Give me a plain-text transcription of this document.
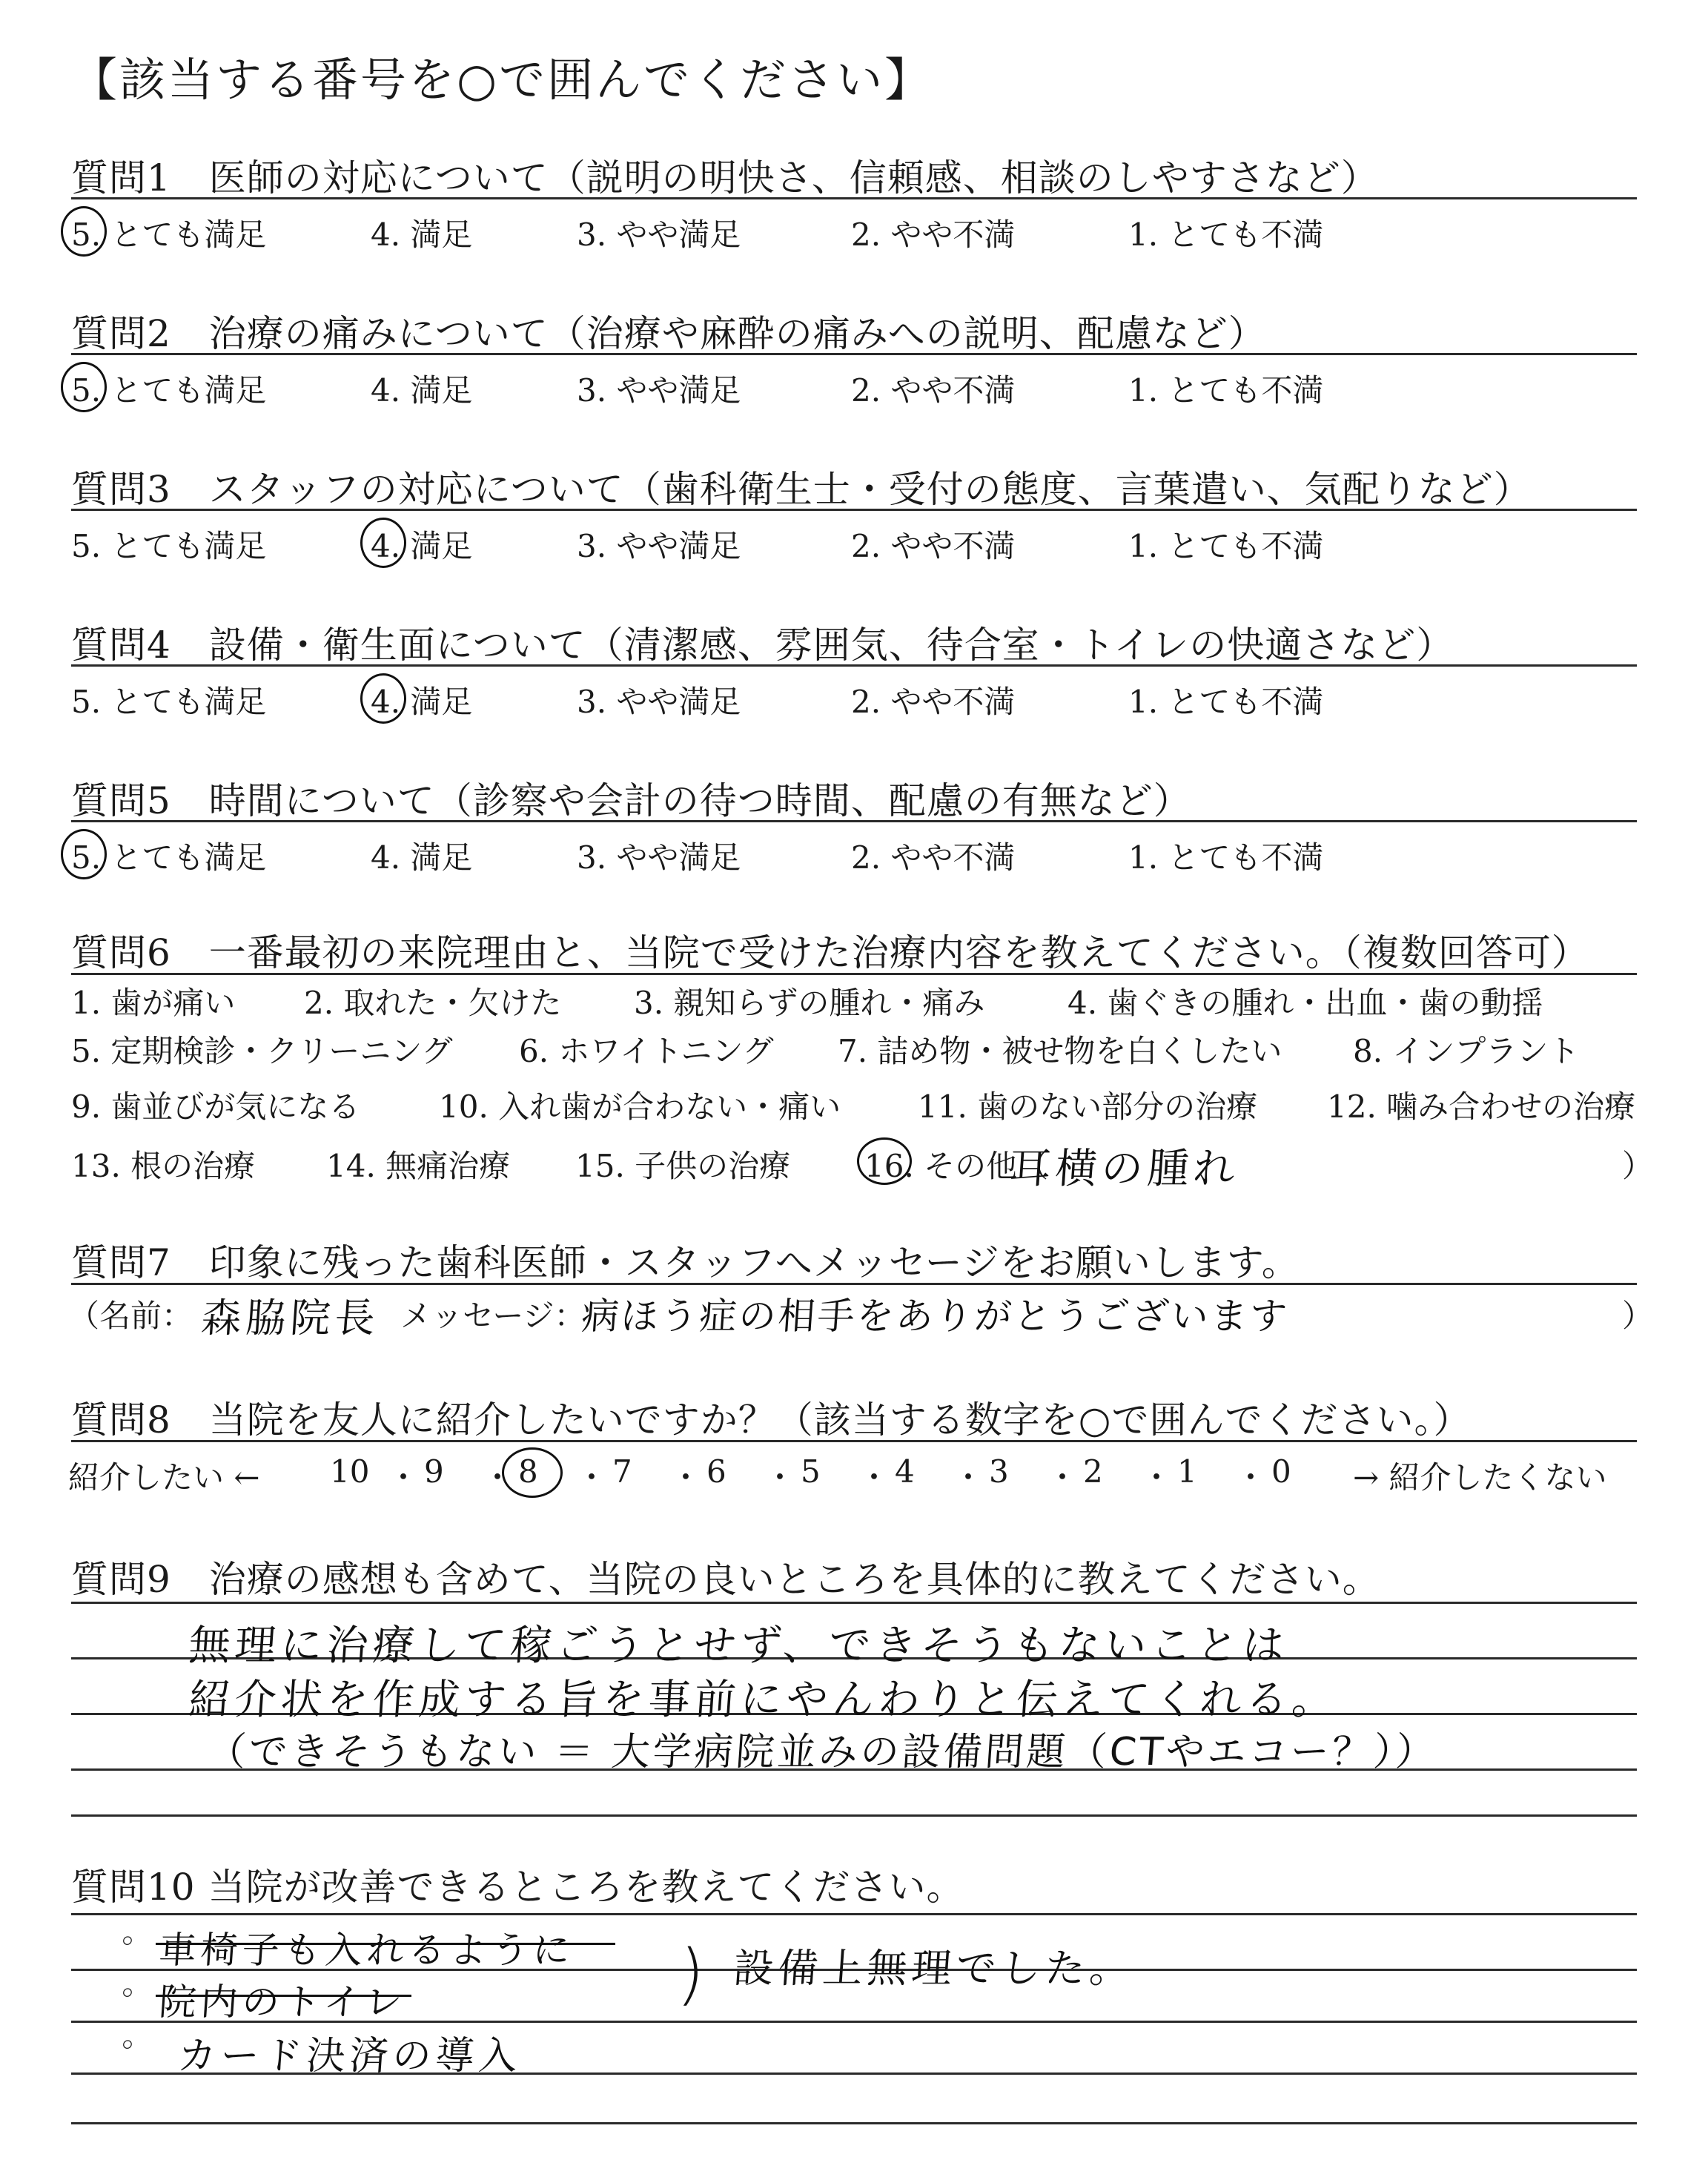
【該当する番号を○で囲んでください】
質問1　医師の対応について（説明の明快さ、信頼感、相談のしやすさなど）
5. とても満足	4. 満足	3. やや満足	2. やや不満	1. とても不満
質問2　治療の痛みについて（治療や麻酔の痛みへの説明、配慮など）
5. とても満足	4. 満足	3. やや満足	2. やや不満	1. とても不満
質問3　スタッフの対応について（歯科衛生士・受付の態度、言葉遣い、気配りなど）
5. とても満足	4. 満足	3. やや満足	2. やや不満	1. とても不満
質問4　設備・衛生面について（清潔感、雰囲気、待合室・トイレの快適さなど）
5. とても満足	4. 満足	3. やや満足	2. やや不満	1. とても不満
質問5　時間について（診察や会計の待つ時間、配慮の有無など）
5. とても満足	4. 満足	3. やや満足	2. やや不満	1. とても不満
質問6　一番最初の来院理由と、当院で受けた治療内容を教えてください。（複数回答可）
1. 歯が痛い 2. 取れた・欠けた 3. 親知らずの腫れ・痛み	4. 歯ぐきの腫れ・出血・歯の動揺
5. 定期検診・クリーニング 6. ホワイトニング 7. 詰め物・被せ物を白くしたい 8. インプラント
9. 歯並びが気になる	10. 入れ歯が合わない・痛い 11. 歯のない部分の治療 12. 噛み合わせの治療
13. 根の治療 14. 無痛治療 15. 子供の治療 16. その他（
耳横の腫れ	）
質問7　印象に残った歯科医師・スタッフへメッセージをお願いします。
（名前： 森脇院長 メッセージ：
病ほう症の相手をありがとうございます	）
質問8　当院を友人に紹介したいですか？（該当する数字を○で囲んでください。）
紹介したい ← 10 ・ 9 ・ 8 ・ 7 ・ 6 ・ 5 ・ 4 ・ 3 ・ 2 ・ 1 ・ 0 → 紹介したくない
質問9　治療の感想も含めて、当院の良いところを具体的に教えてください。
無理に治療して稼ごうとせず、できそうもないことは
紹介状を作成する旨を事前にやんわりと伝えてくれる。
（できそうもない ＝ 大学病院並みの設備問題（CTやエコー？））
質問10 当院が改善できるところを教えてください。
◦ 車椅子も入れるように
◦ 院内のトイレ
◦ カード決済の導入
) 設備上無理でした。
